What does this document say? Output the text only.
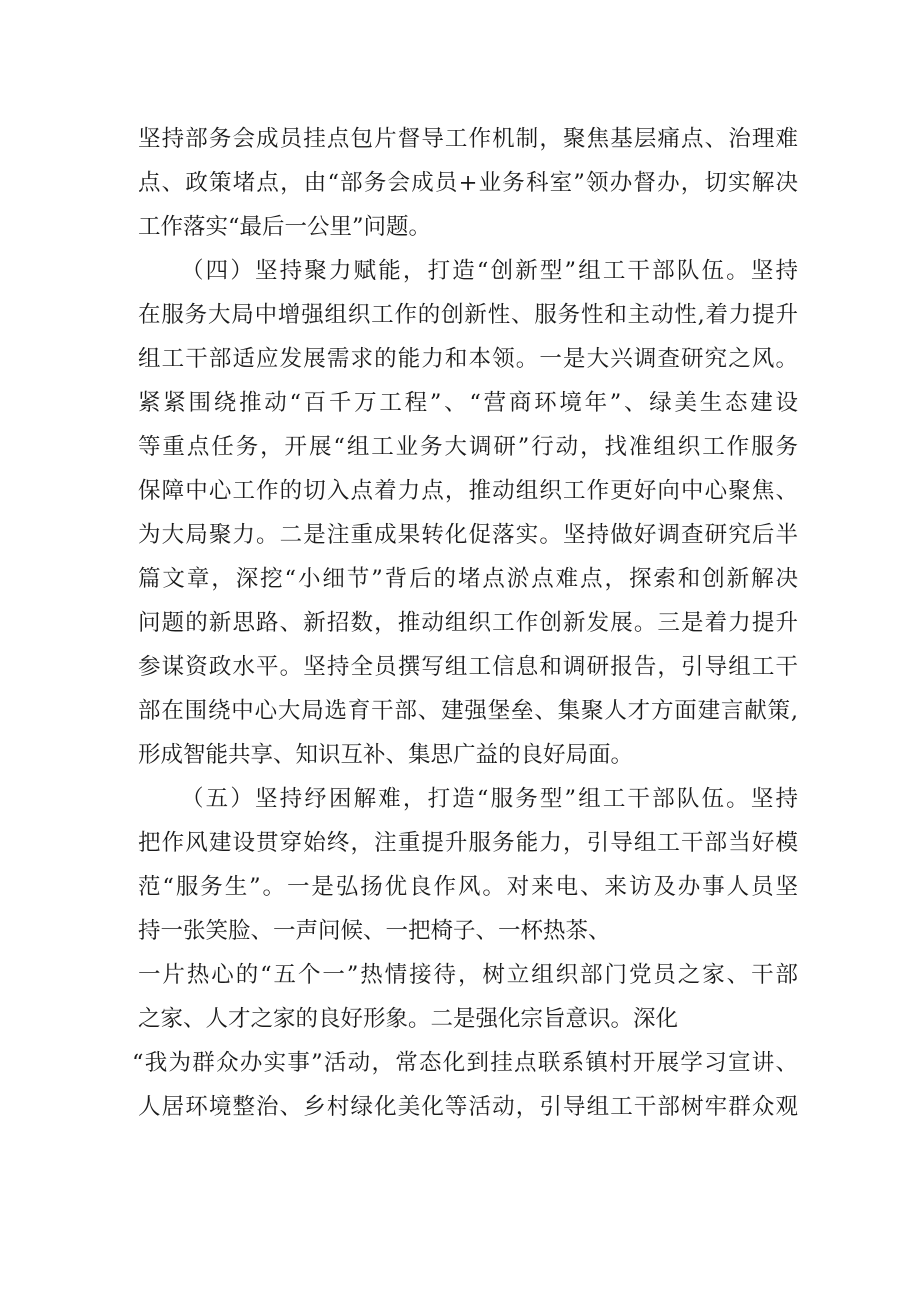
坚持部务会成员挂点包片督导工作机制，聚焦基层痛点、治理难
点、政策堵点，由“部务会成员+业务科室”领办督办，切实解决
工作落实“最后一公里”问题。
（四）坚持聚力赋能，打造“创新型”组工干部队伍。坚持
在服务大局中增强组织工作的创新性、服务性和主动性,着力提升
组工干部适应发展需求的能力和本领。一是大兴调查研究之风。
紧紧围绕推动“百千万工程”、“营商环境年”、绿美生态建设
等重点任务，开展“组工业务大调研”行动，找准组织工作服务
保障中心工作的切入点着力点，推动组织工作更好向中心聚焦、
为大局聚力。二是注重成果转化促落实。坚持做好调查研究后半
篇文章，深挖“小细节”背后的堵点淤点难点，探索和创新解决
问题的新思路、新招数，推动组织工作创新发展。三是着力提升
参谋资政水平。坚持全员撰写组工信息和调研报告，引导组工干
部在围绕中心大局选育干部、建强堡垒、集聚人才方面建言献策,
形成智能共享、知识互补、集思广益的良好局面。
（五）坚持纾困解难，打造“服务型”组工干部队伍。坚持
把作风建设贯穿始终，注重提升服务能力，引导组工干部当好模
范“服务生”。一是弘扬优良作风。对来电、来访及办事人员坚
持一张笑脸、一声问候、一把椅子、一杯热茶、
一片热心的“五个一”热情接待，树立组织部门党员之家、干部
之家、人才之家的良好形象。二是强化宗旨意识。深化
“我为群众办实事”活动，常态化到挂点联系镇村开展学习宣讲、
人居环境整治、乡村绿化美化等活动，引导组工干部树牢群众观
